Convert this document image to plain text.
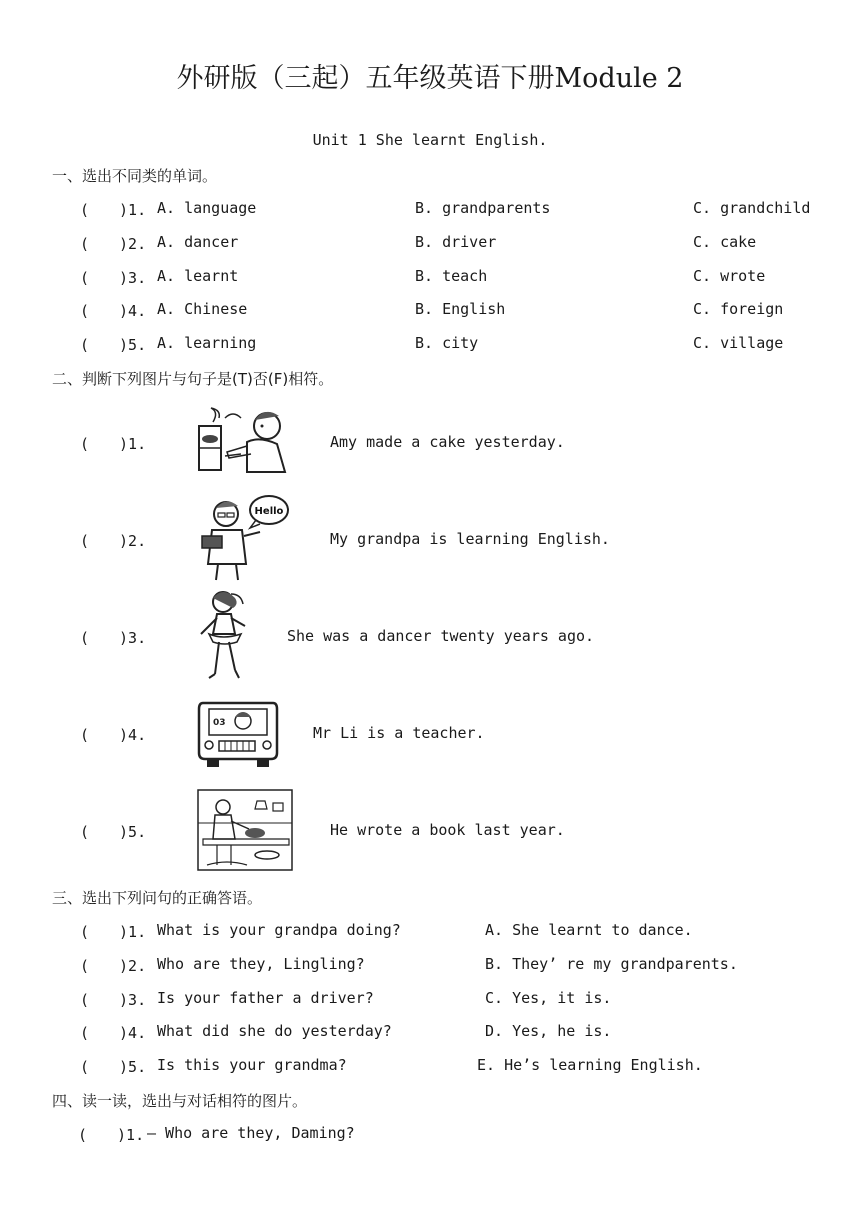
外研版（三起）五年级英语下册Module 2
Unit 1 She learnt English.
一、选出不同类的单词。
(　　)1. A. language	B. grandparents	C. grandchild
(　　)2. A. dancer	B. driver	C. cake
(　　)3. A. learnt	B. teach	C. wrote
(　　)4. A. Chinese	B. English	C. foreign
(　　)5. A. learning	B. city	C. village
二、判断下列图片与句子是(T)否(F)相符。
(　　)1.	Amy made a cake yesterday.
(　　)2.
Hello
My grandpa is learning English.
(　　)3.	She was a dancer twenty years ago.
(　　)4.
03
Mr Li is a teacher.
(　　)5.	He wrote a book last year.
三、选出下列问句的正确答语。
(　　)1. What is your grandpa doing?	A. She learnt to dance.
(　　)2. Who are they, Lingling?	B. They’ re my grandparents.
(　　)3. Is your father a driver?	C. Yes, it is.
(　　)4. What did she do yesterday?	D. Yes, he is.
(　　)5. Is this your grandma?	E. He’s learning English.
四、读一读，选出与对话相符的图片。
(　　)1. — Who are they, Daming?
